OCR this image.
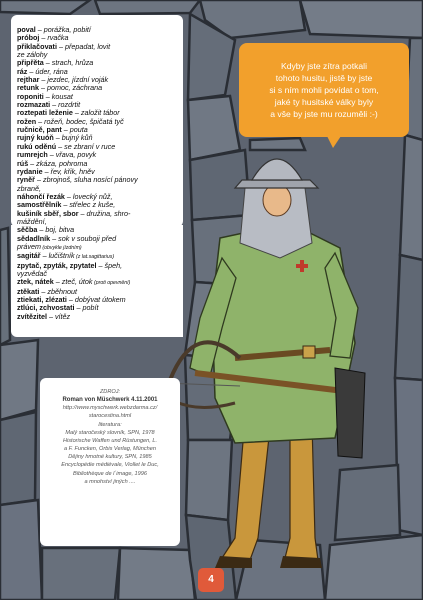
poval – porážka, pobití
próboj – rvačka
přiklačovati – přepadat, lovit
ze zálohy
připřěta – strach, hrůza
ráz – úder, rána
rejthar – jezdec, jízdní voják
retunk – pomoc, záchrana
roponiti – kousat
rozmazati – rozdrtit
roztepati leženie – založit tábor
rožen – rožeň, bodec, špičatá tyč
ručnicě, pant – pouta
rujný kuóň – bujný kůň
rukú oděnú – se zbraní v ruce
rumrejch – vřava, povyk
rúš – zkáza, pohroma
rydanie – řev, křik, hněv
ryněř – zbrojnoš, sluha nosící pánovy
zbraně,
náhončí řezák – lovecký nůž,
samostřělník – střelec z kuše,
kušiník sběř, sbor – družina, shro-
máždění,
sěčba – boj, bitva
sědadlník – sok v souboji před
právem (obvykle jízdním)
sagitář – lučištník (z lat.sagittarius)
zpytač, zpyták, zpytatel – špeh,
vyzvědač
ztek, nátek – zteč, útok (proti opevnění)
ztěkati – zběhnout
ztiekati, zlézati – dobývat útokem
ztlúci, zchvostati – pobít
zvítězitel – vítěz
Kdyby jste zítra potkali
tohoto husitu, jistě by jste
si s ním mohli povídat o tom,
jaké ty husitské války byly
a vše by jste mu rozuměli :-)
ZDROJ:
Roman von Müschwerk 4.11.2001
http://www.myschwerk.webzdarma.cz/
starocestina.html
literatura:
Malý staročeský slovník, SPN, 1978
Historische Waffen und Rüstungen, L.
a F. Funcken, Orbis Verlag, München
Dějiny hmotné kultury, SPN, 1985
Encyclopédie médiévale, Viollet le Duc,
Bibliothèque de l´image, 1996
a mnohství jiných ....
4
